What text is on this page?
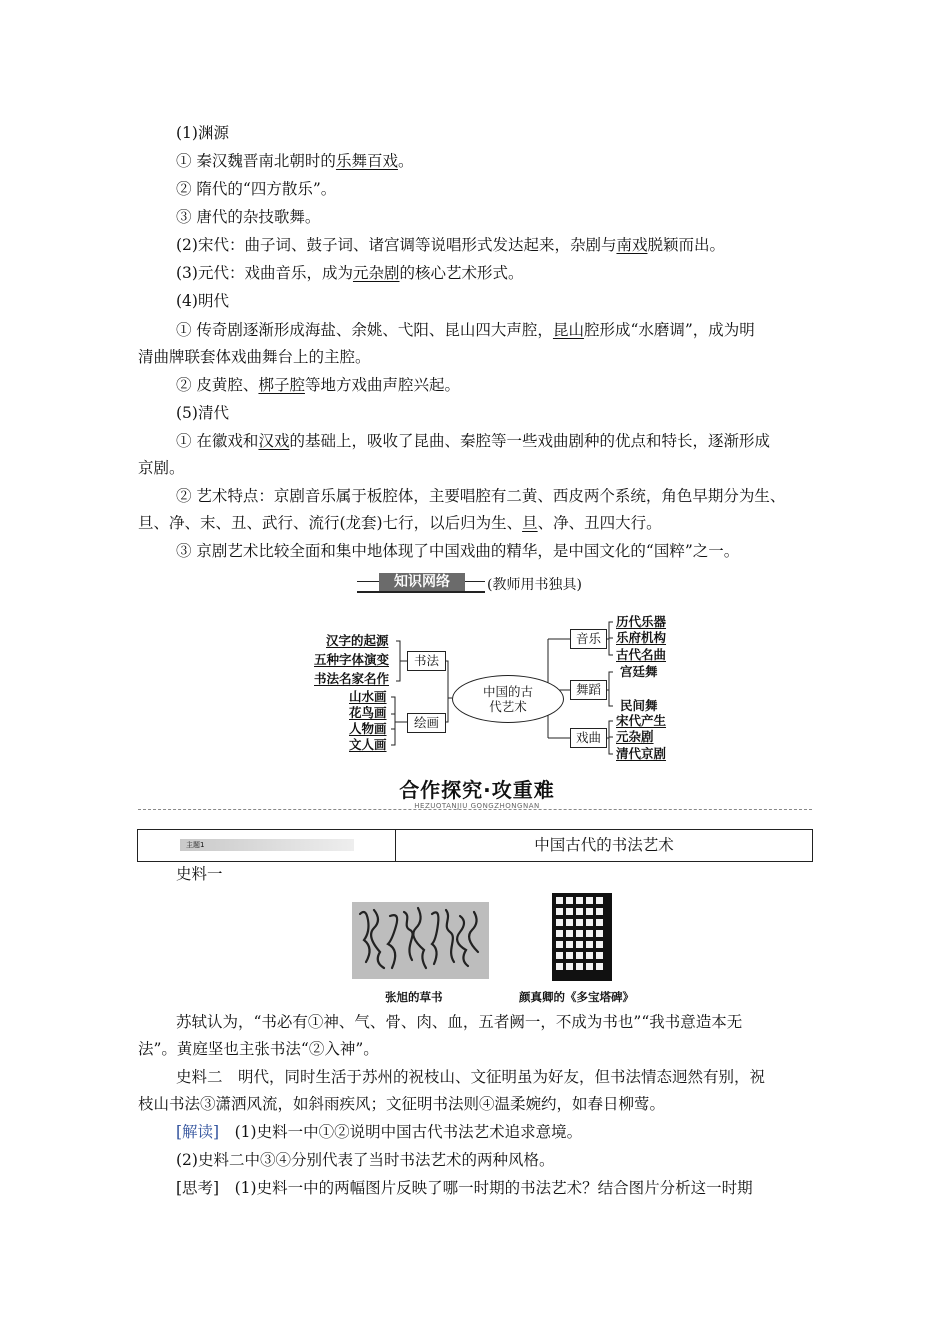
(1)渊源
① 秦汉魏晋南北朝时的乐舞百戏。
② 隋代的“四方散乐”。
③ 唐代的杂技歌舞。
(2)宋代：曲子词、鼓子词、诸宫调等说唱形式发达起来，杂剧与南戏脱颖而出。
(3)元代：戏曲音乐，成为元杂剧的核心艺术形式。
(4)明代
① 传奇剧逐渐形成海盐、余姚、弋阳、昆山四大声腔，昆山腔形成“水磨调”，成为明
清曲牌联套体戏曲舞台上的主腔。
② 皮黄腔、梆子腔等地方戏曲声腔兴起。
(5)清代
① 在徽戏和汉戏的基础上，吸收了昆曲、秦腔等一些戏曲剧种的优点和特长，逐渐形成
京剧。
② 艺术特点：京剧音乐属于板腔体，主要唱腔有二黄、西皮两个系统，角色早期分为生、
旦、净、末、丑、武行、流行(龙套)七行，以后归为生、旦、净、丑四大行。
③ 京剧艺术比较全面和集中地体现了中国戏曲的精华，是中国文化的“国粹”之一。
知识网络	(教师用书独具)
汉字的起源
五种字体演变
书法名家名作
书法
山水画
花鸟画
人物画
文人画
绘画
中国的古代艺术
音乐
舞蹈
戏曲
历代乐器
乐府机构
古代名曲
宫廷舞
民间舞
宋代产生
元杂剧
清代京剧
合作探究·攻重难
HEZUOTANJIU GONGZHONGNAN
主题1	中国古代的书法艺术
史料一
张旭的草书	颜真卿的《多宝塔碑》
苏轼认为，“书必有①神、气、骨、肉、血，五者阙一，不成为书也”“我书意造本无
法”。黄庭坚也主张书法“②入神”。
史料二　明代，同时生活于苏州的祝枝山、文征明虽为好友，但书法情态迥然有别，祝
枝山书法③潇洒风流，如斜雨疾风；文征明书法则④温柔婉约，如春日柳莺。
[解读]　(1)史料一中①②说明中国古代书法艺术追求意境。
(2)史料二中③④分别代表了当时书法艺术的两种风格。
[思考]　(1)史料一中的两幅图片反映了哪一时期的书法艺术？结合图片分析这一时期
